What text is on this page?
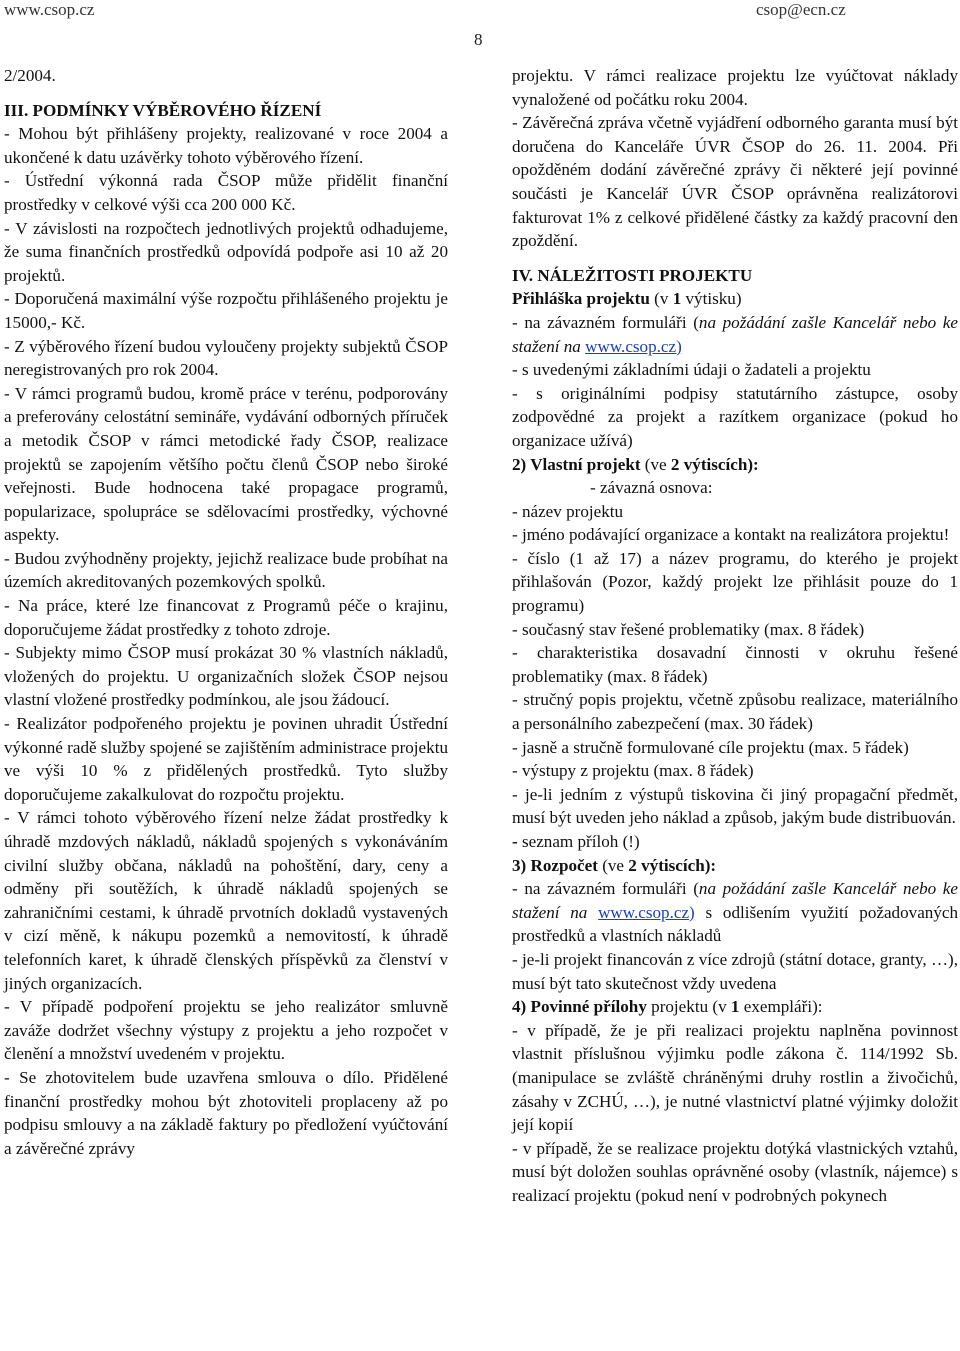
www.csop.cz	csop@ecn.cz
8

2/2004.

III. PODMÍNKY VÝBĚROVÉHO ŘÍZENÍ

- Mohou být přihlášeny projekty, realizované v roce 2004 a ukončené k datu uzávěrky tohoto výběrového řízení.

- Ústřední výkonná rada ČSOP může přidělit finanční prostředky v celkové výši cca 200 000 Kč.

- V závislosti na rozpočtech jednotlivých projektů odhadujeme, že suma finančních prostředků odpovídá podpoře asi 10 až 20 projektů.

- Doporučená maximální výše rozpočtu přihlášeného projektu je 15000,- Kč.

- Z výběrového řízení budou vyloučeny projekty subjektů ČSOP neregistrovaných pro rok 2004.

- V rámci programů budou, kromě práce v terénu, podporovány a preferovány celostátní semináře, vydávání odborných příruček a metodik ČSOP v rámci metodické řady ČSOP, realizace projektů se zapojením většího počtu členů ČSOP nebo široké veřejnosti. Bude hodnocena také propagace programů, popularizace, spolupráce se sdělovacími prostředky, výchovné aspekty.

- Budou zvýhodněny projekty, jejichž realizace bude probíhat na územích akreditovaných pozemkových spolků.

- Na práce, které lze financovat z Programů péče o krajinu, doporučujeme žádat prostředky z tohoto zdroje.

- Subjekty mimo ČSOP musí prokázat 30 % vlastních nákladů, vložených do projektu. U organizačních složek ČSOP nejsou vlastní vložené prostředky podmínkou, ale jsou žádoucí.

- Realizátor podpořeného projektu je povinen uhradit Ústřední výkonné radě služby spojené se zajištěním administrace projektu ve výši 10 % z přidělených prostředků. Tyto služby doporučujeme zakalkulovat do rozpočtu projektu.

- V rámci tohoto výběrového řízení nelze žádat prostředky k úhradě mzdových nákladů, nákladů spojených s vykonáváním civilní služby občana, nákladů na pohoštění, dary, ceny a odměny při soutěžích, k úhradě nákladů spojených se zahraničními cestami, k úhradě prvotních dokladů vystavených v cizí měně, k nákupu pozemků a nemovitostí, k úhradě telefonních karet, k úhradě členských příspěvků za členství v jiných organizacích.

- V případě podpoření projektu se jeho realizátor smluvně zaváže dodržet všechny výstupy z projektu a jeho rozpočet v členění a množství uvedeném v projektu.

- Se zhotovitelem bude uzavřena smlouva o dílo. Přidělené finanční prostředky mohou být zhotoviteli proplaceny až po podpisu smlouvy a na základě faktury po předložení vyúčtování a závěrečné zprávy

projektu. V rámci realizace projektu lze vyúčtovat náklady vynaložené od počátku roku 2004.

- Závěrečná zpráva včetně vyjádření odborného garanta musí být doručena do Kanceláře ÚVR ČSOP do 26. 11. 2004. Při opožděném dodání závěrečné zprávy či některé její povinné součásti je Kancelář ÚVR ČSOP oprávněna realizátorovi fakturovat 1% z celkové přidělené částky za každý pracovní den zpoždění.

IV. NÁLEŽITOSTI PROJEKTU

Přihláška projektu (v 1 výtisku)

- na závazném formuláři (na požádání zašle Kancelář nebo ke stažení na www.csop.cz)

- s uvedenými základními údaji o žadateli a projektu

- s originálními podpisy statutárního zástupce, osoby zodpovědné za projekt a razítkem organizace (pokud ho organizace užívá)

2) Vlastní projekt (ve 2 výtiscích):

- závazná osnova:

- název projektu

- jméno podávající organizace a kontakt na realizátora projektu!

- číslo (1 až 17) a název programu, do kterého je projekt přihlašován (Pozor, každý projekt lze přihlásit pouze do 1 programu)

- současný stav řešené problematiky (max. 8 řádek)

- charakteristika dosavadní činnosti v okruhu řešené problematiky (max. 8 řádek)

- stručný popis projektu, včetně způsobu realizace, materiálního a personálního zabezpečení (max. 30 řádek)

- jasně a stručně formulované cíle projektu (max. 5 řádek)

- výstupy z projektu (max. 8 řádek)

- je-li jedním z výstupů tiskovina či jiný propagační předmět, musí být uveden jeho náklad a způsob, jakým bude distribuován.

- seznam příloh (!)

3) Rozpočet (ve 2 výtiscích):

- na závazném formuláři (na požádání zašle Kancelář nebo ke stažení na www.csop.cz) s odlišením využití požadovaných prostředků a vlastních nákladů

- je-li projekt financován z více zdrojů (státní dotace, granty, …), musí být tato skutečnost vždy uvedena

4) Povinné přílohy projektu (v 1 exempláři):

- v případě, že je při realizaci projektu naplněna povinnost vlastnit příslušnou výjimku podle zákona č. 114/1992 Sb. (manipulace se zvláště chráněnými druhy rostlin a živočichů, zásahy v ZCHÚ, …), je nutné vlastnictví platné výjimky doložit její kopií

- v případě, že se realizace projektu dotýká vlastnických vztahů, musí být doložen souhlas oprávněné osoby (vlastník, nájemce) s realizací projektu (pokud není v podrobných pokynech
